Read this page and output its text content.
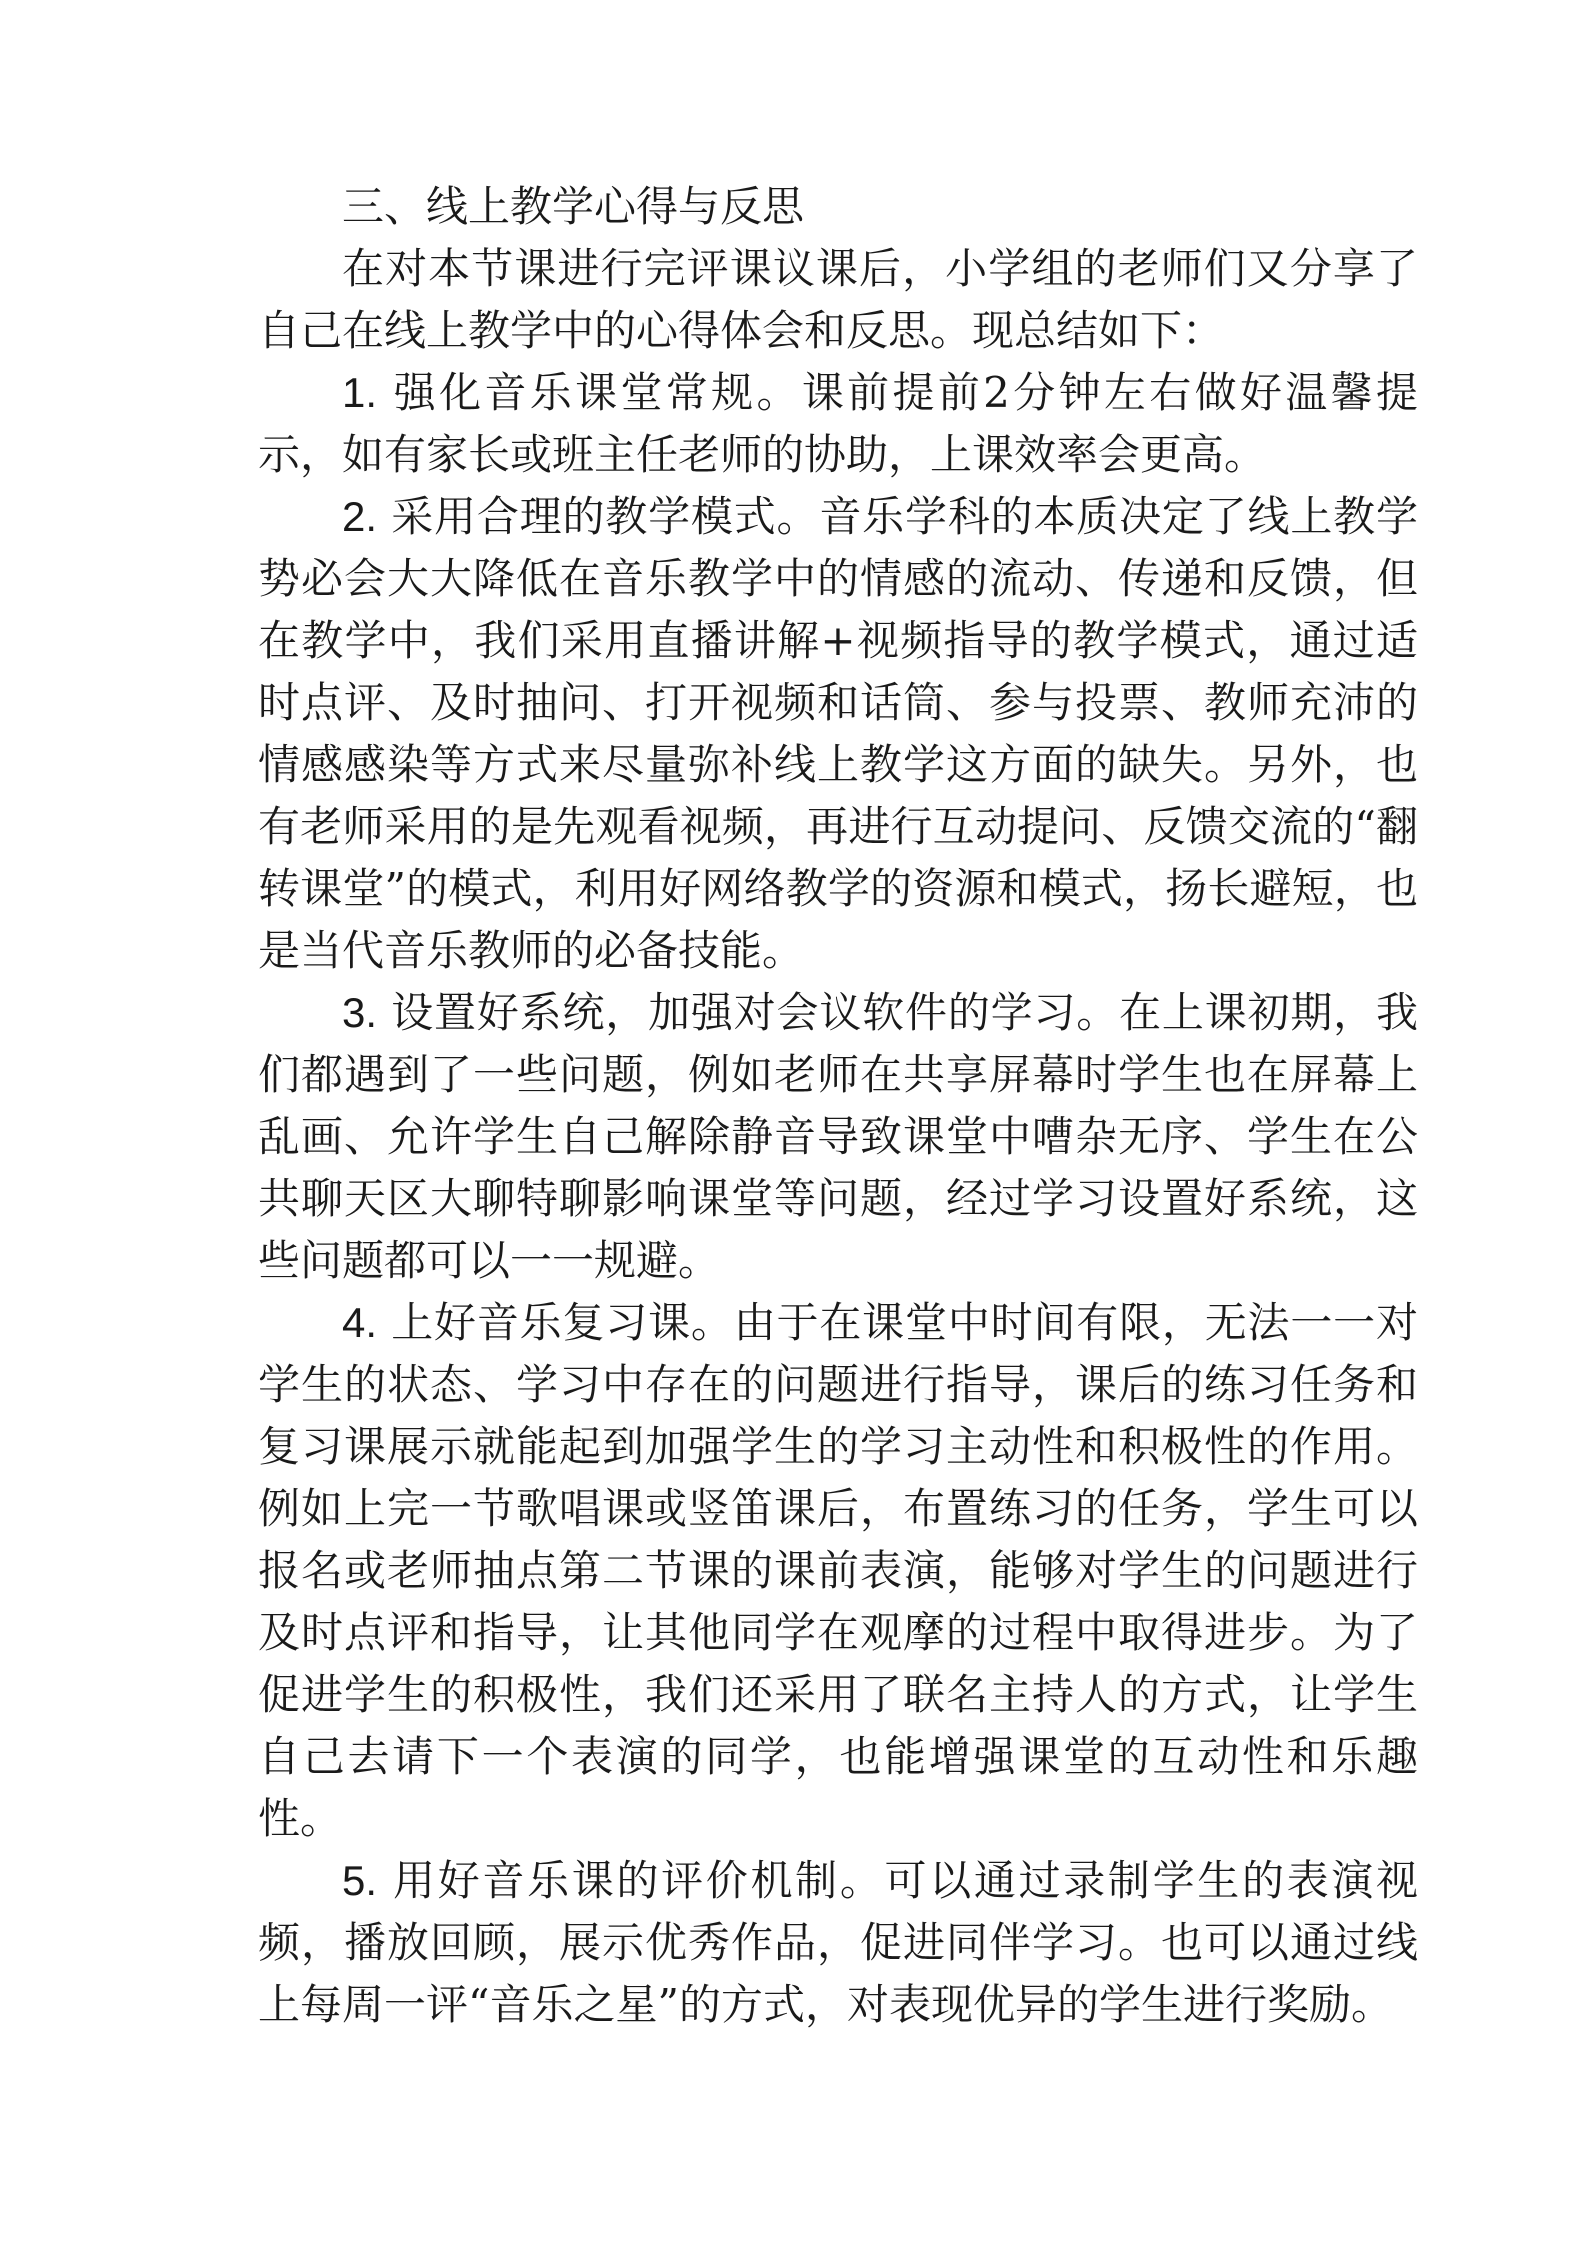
三、线上教学心得与反思

在对本节课进行完评课议课后，小学组的老师们又分享了自己在线上教学中的心得体会和反思。现总结如下：

1. 强化音乐课堂常规。课前提前2分钟左右做好温馨提示，如有家长或班主任老师的协助，上课效率会更高。

2. 采用合理的教学模式。音乐学科的本质决定了线上教学势必会大大降低在音乐教学中的情感的流动、传递和反馈，但在教学中，我们采用直播讲解+视频指导的教学模式，通过适时点评、及时抽问、打开视频和话筒、参与投票、教师充沛的情感感染等方式来尽量弥补线上教学这方面的缺失。另外，也有老师采用的是先观看视频，再进行互动提问、反馈交流的“翻转课堂”的模式，利用好网络教学的资源和模式，扬长避短，也是当代音乐教师的必备技能。

3. 设置好系统，加强对会议软件的学习。在上课初期，我们都遇到了一些问题，例如老师在共享屏幕时学生也在屏幕上乱画、允许学生自己解除静音导致课堂中嘈杂无序、学生在公共聊天区大聊特聊影响课堂等问题，经过学习设置好系统，这些问题都可以一一规避。

4. 上好音乐复习课。由于在课堂中时间有限，无法一一对学生的状态、学习中存在的问题进行指导，课后的练习任务和复习课展示就能起到加强学生的学习主动性和积极性的作用。例如上完一节歌唱课或竖笛课后，布置练习的任务，学生可以报名或老师抽点第二节课的课前表演，能够对学生的问题进行及时点评和指导，让其他同学在观摩的过程中取得进步。为了促进学生的积极性，我们还采用了联名主持人的方式，让学生自己去请下一个表演的同学，也能增强课堂的互动性和乐趣性。

5. 用好音乐课的评价机制。可以通过录制学生的表演视频，播放回顾，展示优秀作品，促进同伴学习。也可以通过线上每周一评“音乐之星”的方式，对表现优异的学生进行奖励。
